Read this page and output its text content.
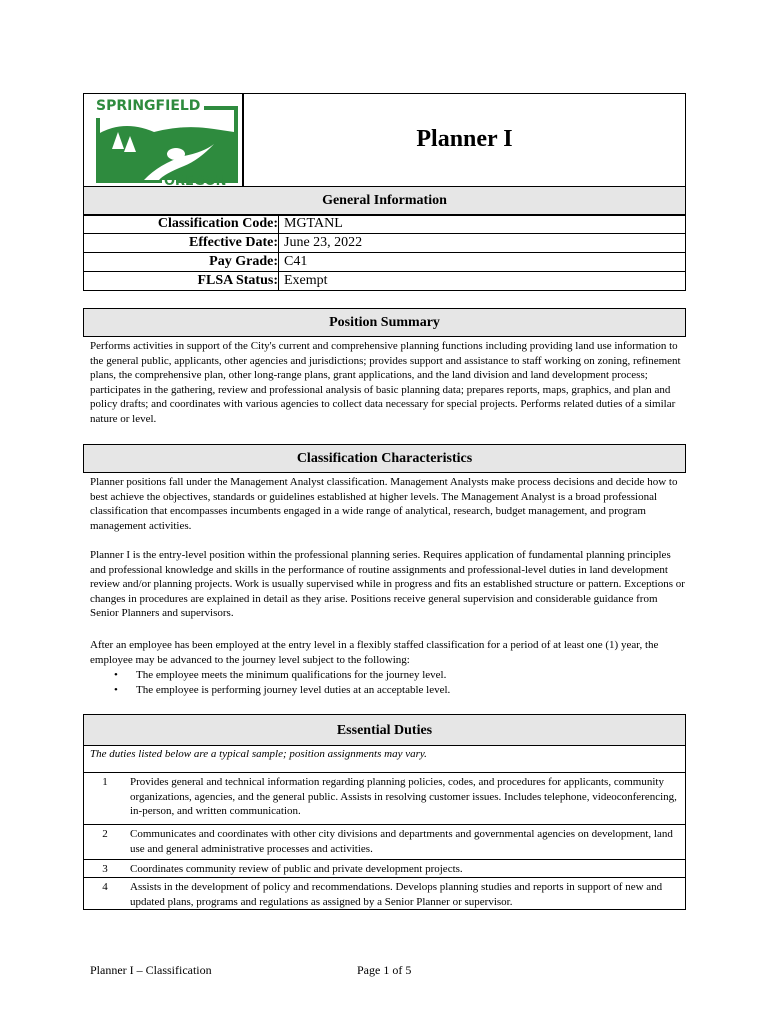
SPRINGFIELD
OREGON
Planner I
General Information
Classification Code: MGTANL
Effective Date: June 23, 2022
Pay Grade: C41
FLSA Status: Exempt
Position Summary
Performs activities in support of the City's current and comprehensive planning functions including providing land use information to the general public, applicants, other agencies and jurisdictions; provides support and assistance to staff working on zoning, refinement plans, the comprehensive plan, other long-range plans, grant applications, and the land division and land development process; participates in the gathering, review and professional analysis of basic planning data; prepares reports, maps, graphics, and plan and policy drafts; and coordinates with various agencies to collect data necessary for special projects. Performs related duties of a similar nature or level.
Classification Characteristics
Planner positions fall under the Management Analyst classification. Management Analysts make process decisions and decide how to best achieve the objectives, standards or guidelines established at higher levels. The Management Analyst is a broad professional classification that encompasses incumbents engaged in a wide range of analytical, research, budget management, and program management activities.
Planner I is the entry-level position within the professional planning series. Requires application of fundamental planning principles and professional knowledge and skills in the performance of routine assignments and professional-level duties in land development review and/or planning projects. Work is usually supervised while in progress and fits an established structure or pattern. Exceptions or changes in procedures are explained in detail as they arise. Positions receive general supervision and considerable guidance from Senior Planners and supervisors.
After an employee has been employed at the entry level in a flexibly staffed classification for a period of at least one (1) year, the employee may be advanced to the journey level subject to the following:
• The employee meets the minimum qualifications for the journey level.
• The employee is performing journey level duties at an acceptable level.
Essential Duties
The duties listed below are a typical sample; position assignments may vary.
1	Provides general and technical information regarding planning policies, codes, and procedures for applicants, community organizations, agencies, and the general public. Assists in resolving customer issues. Includes telephone, videoconferencing, in-person, and written communication.
2	Communicates and coordinates with other city divisions and departments and governmental agencies on development, land use and general administrative processes and activities.
3	Coordinates community review of public and private development projects.
4	Assists in the development of policy and recommendations. Develops planning studies and reports in support of new and updated plans, programs and regulations as assigned by a Senior Planner or supervisor.
Planner I – Classification	Page 1 of 5
